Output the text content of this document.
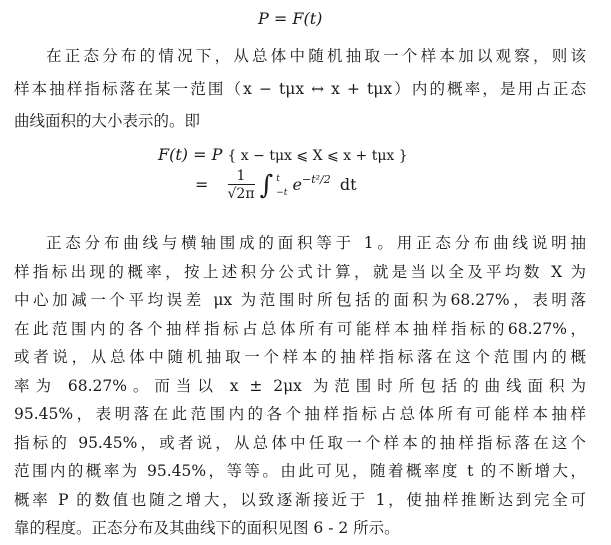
P = F(t)
在正态分布的情况下，从总体中随机抽取一个样本加以观察，则该
样本抽样指标落在某一范围（x − tμx ↔ x + tμx）内的概率，是用占正态
曲线面积的大小表示的。即
F(t) = P { x − tμx ⩽ X ⩽ x + tμx }
= $\frac{1}{√2\pi}$ ∫ t
−t $e^{-t^2/2}$ dt
正态分布曲线与横轴围成的面积等于 1。用正态分布曲线说明抽
样指标出现的概率，按上述积分公式计算，就是当以全及平均数 X 为
中心加减一个平均误差 μx 为范围时所包括的面积为68.27%，表明落
在此范围内的各个抽样指标占总体所有可能样本抽样指标的68.27%，
或者说，从总体中随机抽取一个样本的抽样指标落在这个范围内的概
率为 68.27%。而当以 x ± 2μx 为范围时所包括的曲线面积为
95.45%，表明落在此范围内的各个抽样指标占总体所有可能样本抽样
指标的 95.45%，或者说，从总体中任取一个样本的抽样指标落在这个
范围内的概率为 95.45%，等等。由此可见，随着概率度 t 的不断增大，
概率 P 的数值也随之增大，以致逐渐接近于 1，使抽样推断达到完全可
靠的程度。正态分布及其曲线下的面积见图 6 - 2 所示。
